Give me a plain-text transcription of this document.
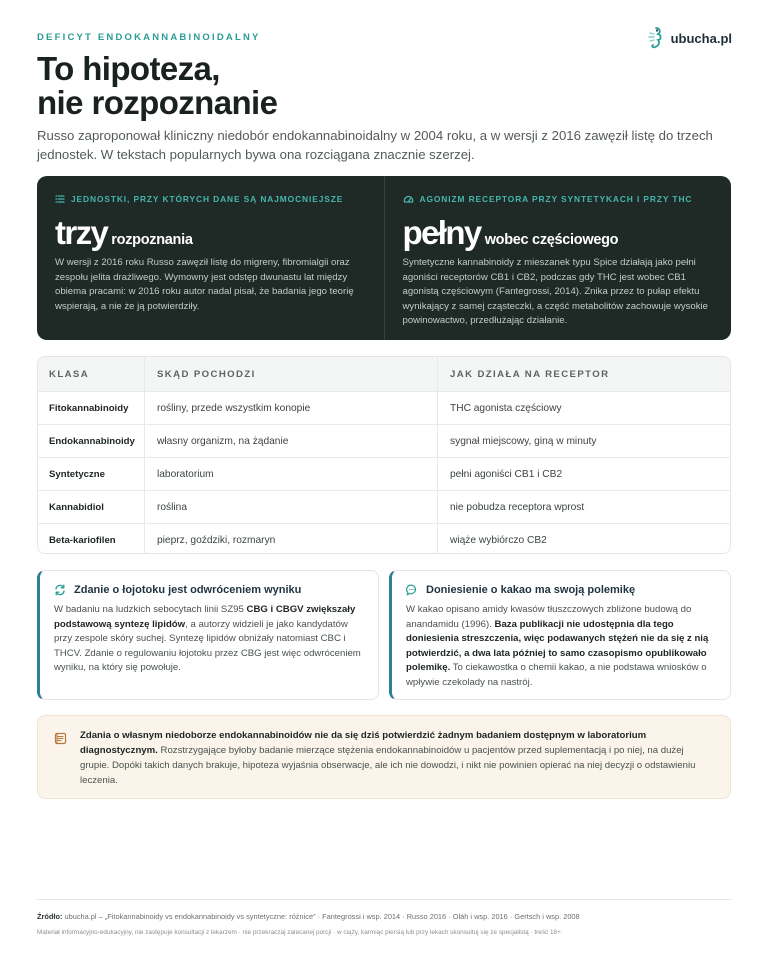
DEFICYT ENDOKANNABINOIDALNY	ubucha.pl
To hipoteza,
nie rozpoznanie

Russo zaproponował kliniczny niedobór endokannabinoidalny w 2004 roku, a w wersji z 2016 zawęził listę do trzech jednostek. W tekstach popularnych bywa ona rozciągana znacznie szerzej.

JEDNOSTKI, PRZY KTÓRYCH DANE SĄ NAJMOCNIEJSZE
trzy rozpoznania

W wersji z 2016 roku Russo zawęził listę do migreny, fibromialgii oraz zespołu jelita drażliwego. Wymowny jest odstęp dwunastu lat między obiema pracami: w 2016 roku autor nadal pisał, że badania jego teorię wspierają, a nie że ją potwierdziły.

AGONIZM RECEPTORA PRZY SYNTETYKACH I PRZY THC
pełny wobec częściowego

Syntetyczne kannabinoidy z mieszanek typu Spice działają jako pełni agoniści receptorów CB1 i CB2, podczas gdy THC jest wobec CB1 agonistą częściowym (Fantegrossi, 2014). Znika przez to pułap efektu wynikający z samej cząsteczki, a część metabolitów zachowuje wysokie powinowactwo, przedłużając działanie.

KLASA	SKĄD POCHODZI	JAK DZIAŁA NA RECEPTOR
Fitokannabinoidy	rośliny, przede wszystkim konopie	THC agonista częściowy
Endokannabinoidy	własny organizm, na żądanie	sygnał miejscowy, giną w minuty
Syntetyczne	laboratorium	pełni agoniści CB1 i CB2
Kannabidiol	roślina	nie pobudza receptora wprost
Beta-kariofilen	pieprz, goździki, rozmaryn	wiąże wybiórczo CB2
Zdanie o łojotoku jest odwróceniem wyniku

W badaniu na ludzkich sebocytach linii SZ95 CBG i CBGV zwiększały podstawową syntezę lipidów, a autorzy widzieli je jako kandydatów przy zespole skóry suchej. Syntezę lipidów obniżały natomiast CBC i THCV. Zdanie o regulowaniu łojotoku przez CBG jest więc odwróceniem wyniku, na który się powołuje.

Doniesienie o kakao ma swoją polemikę

W kakao opisano amidy kwasów tłuszczowych zbliżone budową do anandamidu (1996). Baza publikacji nie udostępnia dla tego doniesienia streszczenia, więc podawanych stężeń nie da się z nią potwierdzić, a dwa lata później to samo czasopismo opublikowało polemikę. To ciekawostka o chemii kakao, a nie podstawa wniosków o wpływie czekolady na nastrój.

Zdania o własnym niedoborze endokannabinoidów nie da się dziś potwierdzić żadnym badaniem dostępnym w laboratorium diagnostycznym. Rozstrzygające byłoby badanie mierzące stężenia endokannabinoidów u pacjentów przed suplementacją i po niej, na dużej grupie. Dopóki takich danych brakuje, hipoteza wyjaśnia obserwacje, ale ich nie dowodzi, i nikt nie powinien opierać na niej decyzji o odstawieniu leczenia.

Źródło: ubucha.pl – „Fitokannabinoidy vs endokannabinoidy vs syntetyczne: różnice” · Fantegrossi i wsp. 2014 · Russo 2016 · Oláh i wsp. 2016 · Gertsch i wsp. 2008
Materiał informacyjno-edukacyjny, nie zastępuje konsultacji z lekarzem · nie przekraczaj zalecanej porcji · w ciąży, karmiąc piersią lub przy lekach skonsultuj się ze specjalistą · treść 18+.
